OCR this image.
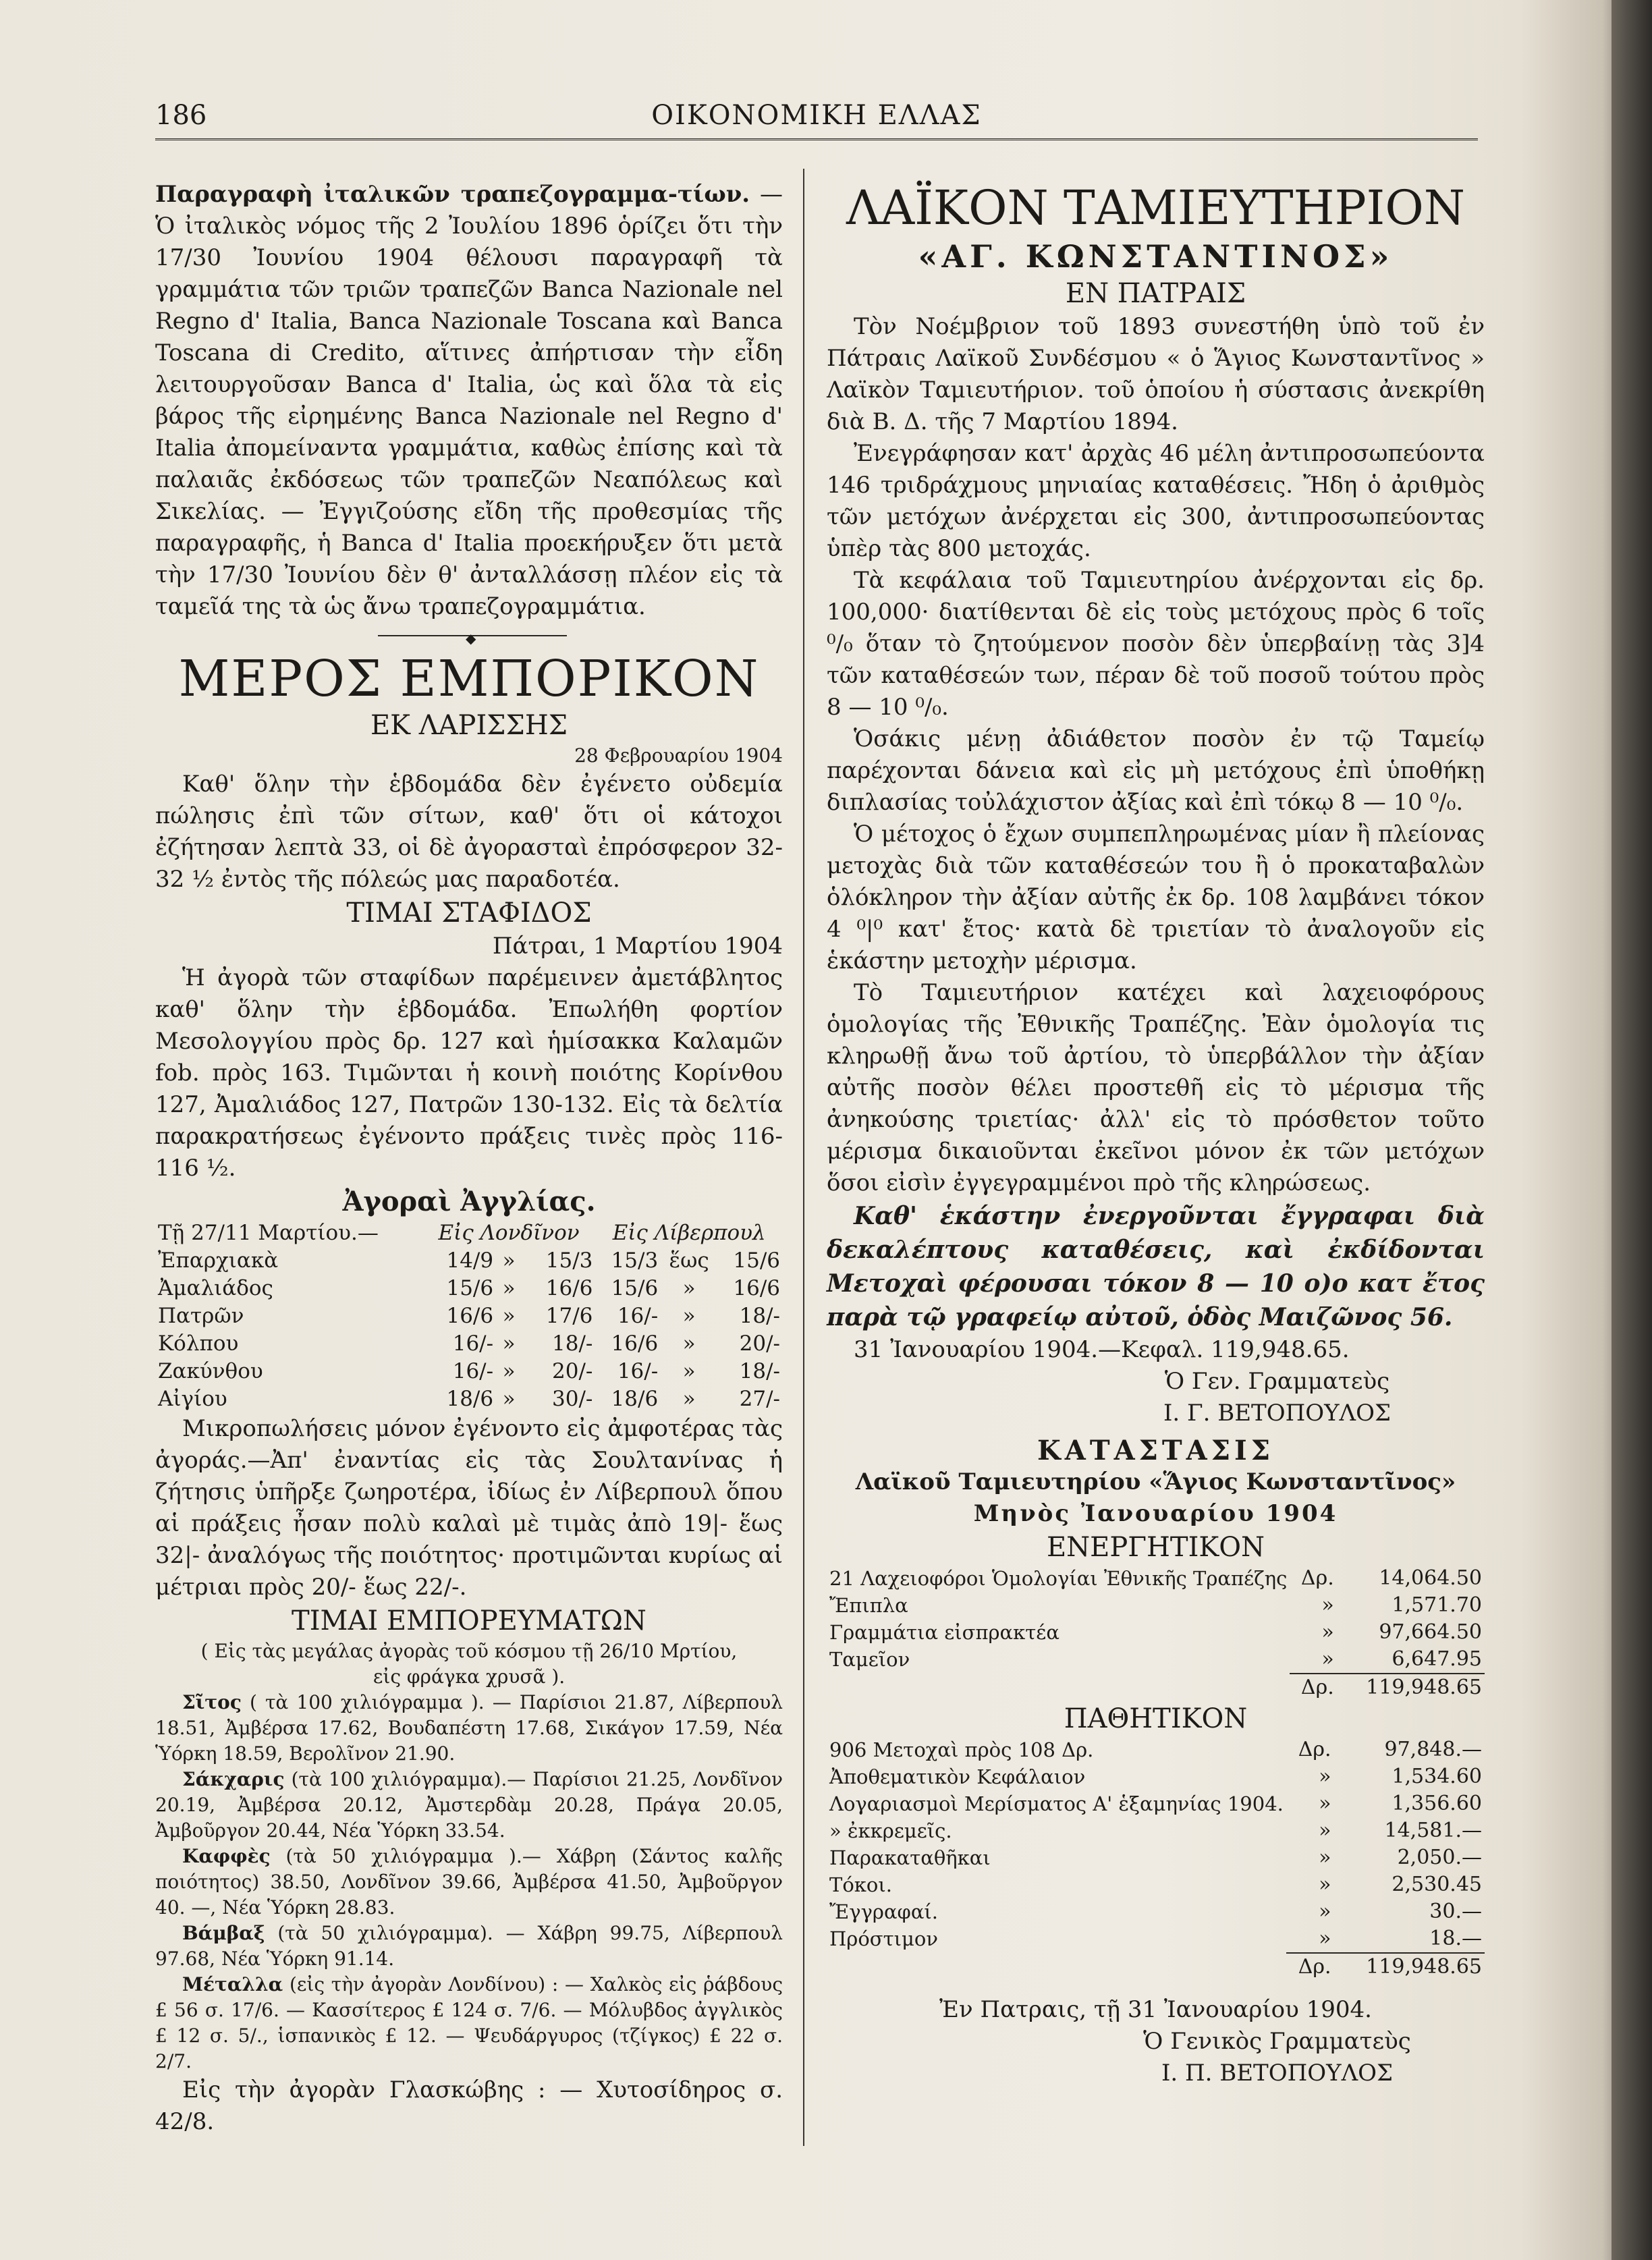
186	ΟΙΚΟΝΟΜΙΚΗ ΕΛΛΑΣ

Παραγραφὴ ἰταλικῶν τραπεζογραμμα-τίων. — Ὁ ἰταλικὸς νόμος τῆς 2 Ἰουλίου 1896 ὁρίζει ὅτι τὴν 17/30 Ἰουνίου 1904 θέλουσι παραγραφῆ τὰ γραμμάτια τῶν τριῶν τραπεζῶν Banca Nazionale nel Regno d' Italia, Banca Nazionale Toscana καὶ Banca Toscana di Credito, αἵτινες ἀπήρτισαν τὴν εἶδη λειτουργοῦσαν Banca d' Italia, ὡς καὶ ὅλα τὰ εἰς βάρος τῆς εἰρημένης Banca Nazionale nel Regno d' Italia ἀπομείναντα γραμμάτια, καθὼς ἐπίσης καὶ τὰ παλαιᾶς ἐκδόσεως τῶν τραπεζῶν Νεαπόλεως καὶ Σικελίας. — Ἐγγιζούσης εἴδη τῆς προθεσμίας τῆς παραγραφῆς, ἡ Banca d' Italia προεκήρυξεν ὅτι μετὰ τὴν 17/30 Ἰουνίου δὲν θ' ἀνταλλάσσῃ πλέον εἰς τὰ ταμεῖά της τὰ ὡς ἄνω τραπεζογραμμάτια.

◆
ΜΕΡΟΣ ΕΜΠΟΡΙΚΟΝ
ΕΚ ΛΑΡΙΣΣΗΣ
28 Φεβρουαρίου 1904

Καθ' ὅλην τὴν ἑβδομάδα δὲν ἐγένετο οὐδεμία πώλησις ἐπὶ τῶν σίτων, καθ' ὅτι οἱ κάτοχοι ἐζήτησαν λεπτὰ 33, οἱ δὲ ἀγορασταὶ ἐπρόσφερον 32-32 ½ ἐντὸς τῆς πόλεώς μας παραδοτέα.

ΤΙΜΑΙ ΣΤΑΦΙΔΟΣ
Πάτραι, 1 Μαρτίου 1904

Ἡ ἀγορὰ τῶν σταφίδων παρέμεινεν ἀμετάβλητος καθ' ὅλην τὴν ἑβδομάδα. Ἐπωλήθη φορτίον Μεσολογγίου πρὸς δρ. 127 καὶ ἡμίσακκα Καλαμῶν fob. πρὸς 163. Τιμῶνται ἡ κοινὴ ποιότης Κορίνθου 127, Ἀμαλιάδος 127, Πατρῶν 130-132. Εἰς τὰ δελτία παρακρατήσεως ἐγένοντο πράξεις τινὲς πρὸς 116-116 ½.

Ἀγοραὶ Ἀγγλίας.
Τῇ 27/11 Μαρτίου.—	Εἰς Λονδῖνον			Εἰς Λίβερπουλ		
Ἐπαρχιακὰ	14/9	»	15/3	15/3	ἕως	15/6
Ἀμαλιάδος	15/6	»	16/6	15/6	»	16/6
Πατρῶν	16/6	»	17/6	16/-	»	18/-
Κόλπου	16/-	»	18/-	16/6	»	20/-
Ζακύνθου	16/-	»	20/-	16/-	»	18/-
Αἰγίου	18/6	»	30/-	18/6	»	27/-

Μικροπωλήσεις μόνον ἐγένοντο εἰς ἀμφοτέρας τὰς ἀγοράς.—Ἀπ' ἐναντίας εἰς τὰς Σουλτανίνας ἡ ζήτησις ὑπῆρξε ζωηροτέρα, ἰδίως ἐν Λίβερπουλ ὅπου αἱ πράξεις ἦσαν πολὺ καλαὶ μὲ τιμὰς ἀπὸ 19|- ἕως 32|- ἀναλόγως τῆς ποιότητος· προτιμῶνται κυρίως αἱ μέτριαι πρὸς 20/- ἕως 22/-.

ΤΙΜΑΙ ΕΜΠΟΡΕΥΜΑΤΩΝ
( Εἰς τὰς μεγάλας ἀγορὰς τοῦ κόσμου τῇ 26/10 Μρτίου, εἰς φράγκα χρυσᾶ ).

Σῖτος ( τὰ 100 χιλιόγραμμα ). — Παρίσιοι 21.87, Λίβερπουλ 18.51, Ἀμβέρσα 17.62, Βουδαπέστη 17.68, Σικάγον 17.59, Νέα Ὑόρκη 18.59, Βερολῖνον 21.90.

Σάκχαρις (τὰ 100 χιλιόγραμμα).— Παρίσιοι 21.25, Λονδῖνον 20.19, Ἀμβέρσα 20.12, Ἀμστερδὰμ 20.28, Πράγα 20.05, Ἀμβοῦργον 20.44, Νέα Ὑόρκη 33.54.

Καφφὲς (τὰ 50 χιλιόγραμμα ).— Χάβρη (Σάντος καλῆς ποιότητος) 38.50, Λονδῖνον 39.66, Ἀμβέρσα 41.50, Ἀμβοῦργον 40. —, Νέα Ὑόρκη 28.83.

Βάμβαξ (τὰ 50 χιλιόγραμμα). — Χάβρη 99.75, Λίβερπουλ 97.68, Νέα Ὑόρκη 91.14.

Μέταλλα (εἰς τὴν ἀγορὰν Λονδίνου) : — Χαλκὸς εἰς ῥάβδους £ 56 σ. 17/6. — Κασσίτερος £ 124 σ. 7/6. — Μόλυβδος ἀγγλικὸς £ 12 σ. 5/., ἱσπανικὸς £ 12. — Ψευδάργυρος (τζίγκος) £ 22 σ. 2/7.

Εἰς τὴν ἀγορὰν Γλασκώβης : — Χυτοσίδηρος σ. 42/8.

ΛΑΪΚΟΝ ΤΑΜΙΕΥΤΗΡΙΟΝ
«ΑΓ. ΚΩΝΣΤΑΝΤΙΝΟΣ»
ΕΝ ΠΑΤΡΑΙΣ

Τὸν Νοέμβριον τοῦ 1893 συνεστήθη ὑπὸ τοῦ ἐν Πάτραις Λαϊκοῦ Συνδέσμου « ὁ Ἅγιος Κωνσταντῖνος » Λαϊκὸν Ταμιευτήριον. τοῦ ὁποίου ἡ σύστασις ἀνεκρίθη διὰ Β. Δ. τῆς 7 Μαρτίου 1894.

Ἐνεγράφησαν κατ' ἀρχὰς 46 μέλη ἀντιπροσωπεύοντα 146 τριδράχμους μηνιαίας καταθέσεις. Ἤδη ὁ ἀριθμὸς τῶν μετόχων ἀνέρχεται εἰς 300, ἀντιπροσωπεύοντας ὑπὲρ τὰς 800 μετοχάς.

Τὰ κεφάλαια τοῦ Ταμιευτηρίου ἀνέρχονται εἰς δρ. 100,000· διατίθενται δὲ εἰς τοὺς μετόχους πρὸς 6 τοῖς ⁰/₀ ὅταν τὸ ζητούμενον ποσὸν δὲν ὑπερβαίνῃ τὰς 3]4 τῶν καταθέσεών των, πέραν δὲ τοῦ ποσοῦ τούτου πρὸς 8 — 10 ⁰/₀.

Ὁσάκις μένῃ ἀδιάθετον ποσὸν ἐν τῷ Ταμείῳ παρέχονται δάνεια καὶ εἰς μὴ μετόχους ἐπὶ ὑποθήκῃ διπλασίας τοὐλάχιστον ἀξίας καὶ ἐπὶ τόκῳ 8 — 10 ⁰/₀.

Ὁ μέτοχος ὁ ἔχων συμπεπληρωμένας μίαν ἢ πλείονας μετοχὰς διὰ τῶν καταθέσεών του ἢ ὁ προκαταβαλὼν ὁλόκληρον τὴν ἀξίαν αὐτῆς ἐκ δρ. 108 λαμβάνει τόκον 4 ⁰|⁰ κατ' ἔτος· κατὰ δὲ τριετίαν τὸ ἀναλογοῦν εἰς ἑκάστην μετοχὴν μέρισμα.

Τὸ Ταμιευτήριον κατέχει καὶ λαχειοφόρους ὁμολογίας τῆς Ἐθνικῆς Τραπέζης. Ἐὰν ὁμολογία τις κληρωθῇ ἄνω τοῦ ἀρτίου, τὸ ὑπερβάλλον τὴν ἀξίαν αὐτῆς ποσὸν θέλει προστεθῆ εἰς τὸ μέρισμα τῆς ἀνηκούσης τριετίας· ἀλλ' εἰς τὸ πρόσθετον τοῦτο μέρισμα δικαιοῦνται ἐκεῖνοι μόνον ἐκ τῶν μετόχων ὅσοι εἰσὶν ἐγγεγραμμένοι πρὸ τῆς κληρώσεως.

Καθ' ἑκάστην ἐνεργοῦνται ἔγγραφαι διὰ δεκαλέπτους καταθέσεις, καὶ ἐκδίδονται Μετοχαὶ φέρουσαι τόκον 8 — 10 ο)ο κατ ἔτος παρὰ τῷ γραφείῳ αὐτοῦ, ὁδὸς Μαιζῶνος 56.

31 Ἰανουαρίου 1904.—Κεφαλ. 119,948.65.

Ὁ Γεν. Γραμματεὺς
Ι. Γ. ΒΕΤΟΠΟΥΛΟΣ
ΚΑΤΑΣΤΑΣΙΣ
Λαϊκοῦ Ταμιευτηρίου «Ἅγιος Κωνσταντῖνος»
Μηνὸς Ἰανουαρίου 1904
ΕΝΕΡΓΗΤΙΚΟΝ
21 Λαχειοφόροι Ὁμολογίαι Ἐθνικῆς Τραπέζης	Δρ.	14,064.50
Ἔπιπλα	»	1,571.70
Γραμμάτια εἰσπρακτέα	»	97,664.50
Ταμεῖον	»	6,647.95
	Δρ.	119,948.65
ΠΑΘΗΤΙΚΟΝ
906 Μετοχαὶ πρὸς 108 Δρ.	Δρ.	97,848.—
Ἀποθεματικὸν Κεφάλαιον	»	1,534.60
Λογαριασμοὶ Μερίσματος Α' ἑξαμηνίας 1904.	»	1,356.60
» ἐκκρεμεῖς.	»	14,581.—
Παρακαταθῆκαι	»	2,050.—
Τόκοι.	»	2,530.45
Ἔγγραφαί.	»	30.—
Πρόστιμον	»	18.—
	Δρ.	119,948.65
Ἐν Πατραις, τῇ 31 Ἰανουαρίου 1904.
Ὁ Γενικὸς Γραμματεὺς
Ι. Π. ΒΕΤΟΠΟΥΛΟΣ
